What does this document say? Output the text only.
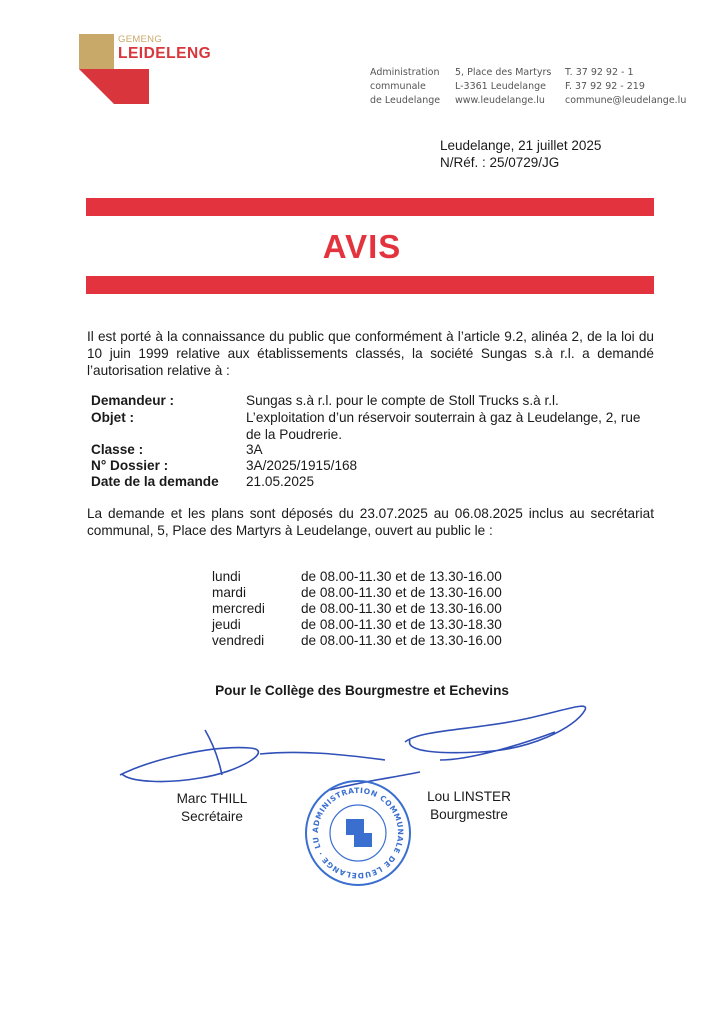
GEMENG
LEIDELENG
Administration
communale
de Leudelange
5, Place des Martyrs
L-3361 Leudelange
www.leudelange.lu
T. 37 92 92 - 1
F. 37 92 92 - 219
commune@leudelange.lu
Leudelange, 21 juillet 2025
N/Réf. : 25/0729/JG
AVIS
Il est porté à la connaissance du public que conformément à l’article 9.2, alinéa 2, de la loi du 10 juin 1999 relative aux établissements classés, la société Sungas s.à r.l. a demandé l’autorisation relative à :
Demandeur :	Sungas s.à r.l. pour le compte de Stoll Trucks s.à r.l.
Objet :	L’exploitation d’un réservoir souterrain à gaz à Leudelange, 2, rue de la Poudrerie.
Classe :	3A
N° Dossier :	3A/2025/1915/168
Date de la demande	21.05.2025
La demande et les plans sont déposés du 23.07.2025 au 06.08.2025 inclus au secrétariat communal, 5, Place des Martyrs à Leudelange, ouvert au public le :
lundi	de 08.00-11.30 et de 13.30-16.00
mardi	de 08.00-11.30 et de 13.30-16.00
mercredi	de 08.00-11.30 et de 13.30-16.00
jeudi	de 08.00-11.30 et de 13.30-18.30
vendredi	de 08.00-11.30 et de 13.30-16.00
Pour le Collège des Bourgmestre et Echevins
ADMINISTRATION COMMUNALE DE LEUDELANGE · LU
Marc THILL
Secrétaire
Lou LINSTER
Bourgmestre
